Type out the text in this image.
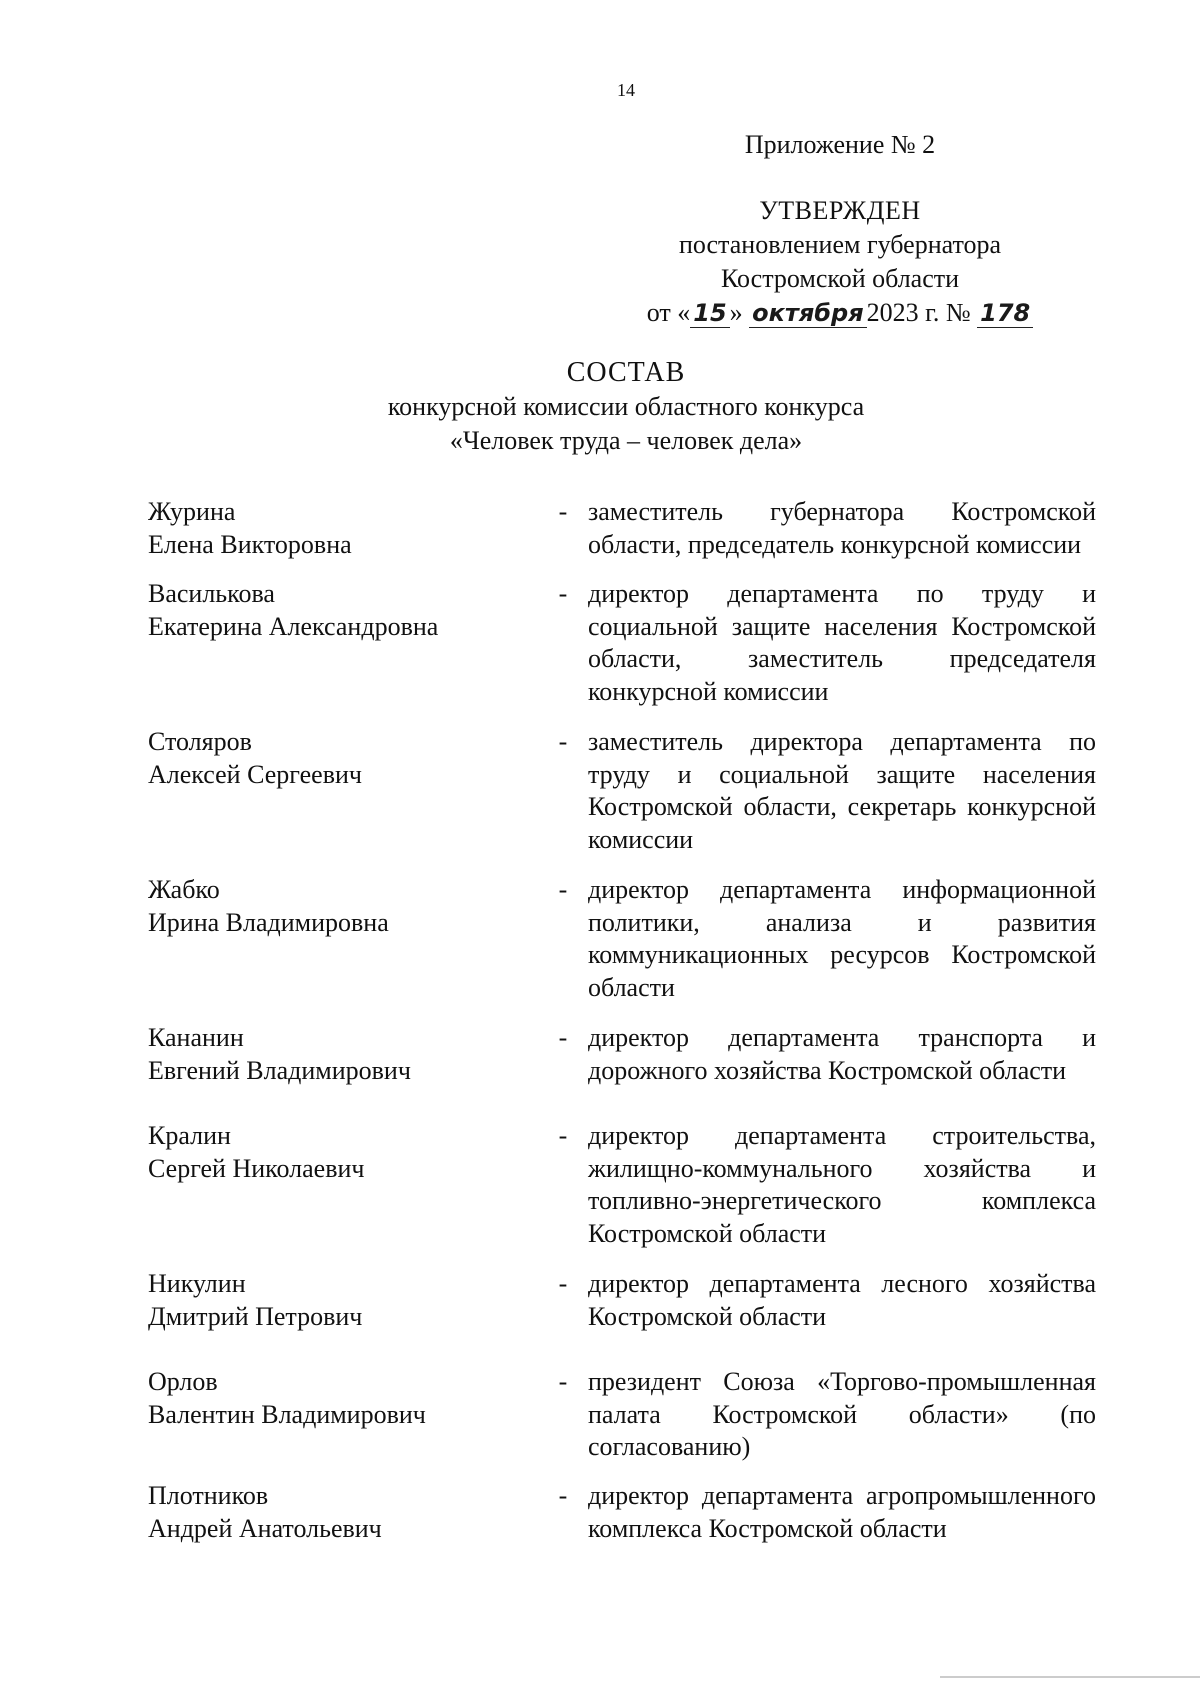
14
Приложение № 2
УТВЕРЖДЕН
постановлением губернатора
Костромской области
от « 15 » октября 2023 г. № 178
СОСТАВ
конкурсной комиссии областного конкурса
«Человек труда – человек дела»
Журина
Елена Викторовна
- заместитель губернатора Костромской области, председатель конкурсной комиссии
Василькова
Екатерина Александровна
- директор департамента по труду и социальной защите населения Костромской области, заместитель председателя конкурсной комиссии
Столяров
Алексей Сергеевич
- заместитель директора департамента по труду и социальной защите населения Костромской области, секретарь конкурсной комиссии
Жабко
Ирина Владимировна
- директор департамента информационной политики, анализа и развития коммуникационных ресурсов Костромской области
Кананин
Евгений Владимирович
- директор департамента транспорта и дорожного хозяйства Костромской области
Кралин
Сергей Николаевич
- директор департамента строительства, жилищно-коммунального хозяйства и топливно-энергетического комплекса Костромской области
Никулин
Дмитрий Петрович
- директор департамента лесного хозяйства Костромской области
Орлов
Валентин Владимирович
- президент Союза «Торгово-промышленная палата Костромской области» (по согласованию)
Плотников
Андрей Анатольевич
- директор департамента агропромышленного комплекса Костромской области
